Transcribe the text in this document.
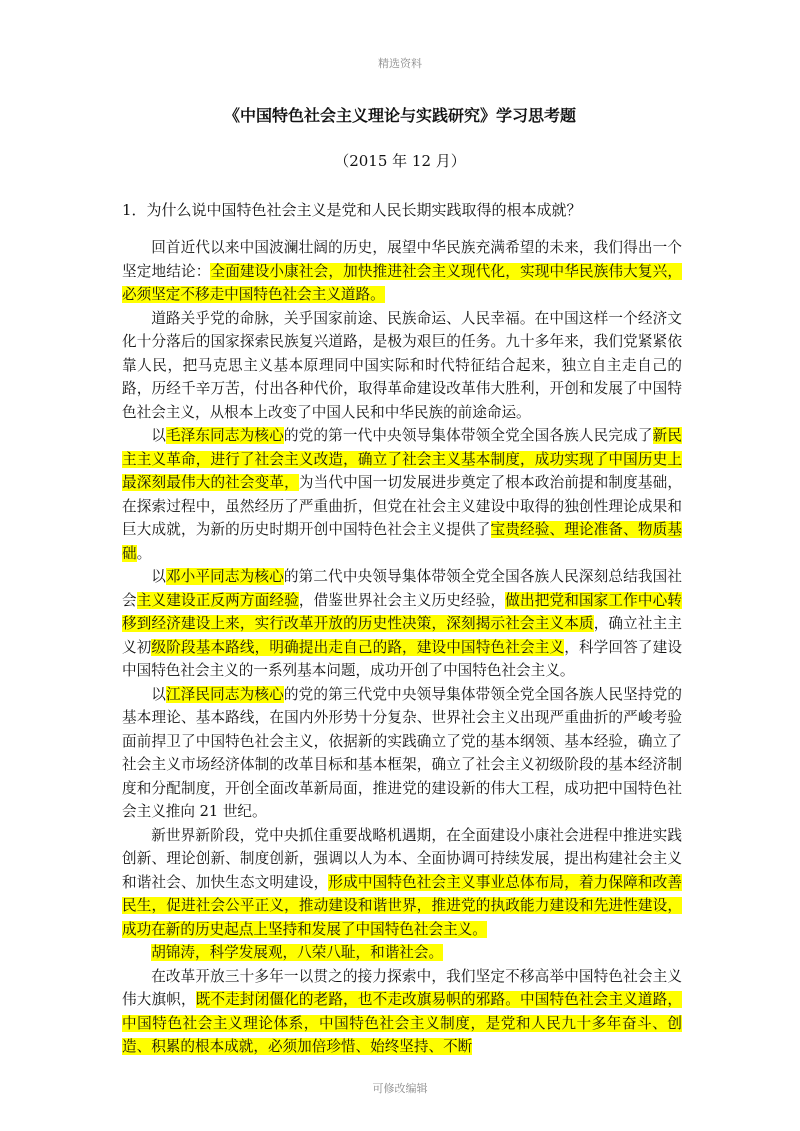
精选资料
《中国特色社会主义理论与实践研究》学习思考题
（2015 年 12 月）
1．为什么说中国特色社会主义是党和人民长期实践取得的根本成就？

回首近代以来中国波澜壮阔的历史，展望中华民族充满希望的未来，我们得出一个坚定地结论：全面建设小康社会，加快推进社会主义现代化，实现中华民族伟大复兴，必须坚定不移走中国特色社会主义道路。

道路关乎党的命脉，关乎国家前途、民族命运、人民幸福。在中国这样一个经济文化十分落后的国家探索民族复兴道路，是极为艰巨的任务。九十多年来，我们党紧紧依靠人民，把马克思主义基本原理同中国实际和时代特征结合起来，独立自主走自己的路，历经千辛万苦，付出各种代价，取得革命建设改革伟大胜利，开创和发展了中国特色社会主义，从根本上改变了中国人民和中华民族的前途命运。

以毛泽东同志为核心的党的第一代中央领导集体带领全党全国各族人民完成了新民主主义革命，进行了社会主义改造，确立了社会主义基本制度，成功实现了中国历史上最深刻最伟大的社会变革，为当代中国一切发展进步奠定了根本政治前提和制度基础，在探索过程中，虽然经历了严重曲折，但党在社会主义建设中取得的独创性理论成果和巨大成就，为新的历史时期开创中国特色社会主义提供了宝贵经验、理论准备、物质基础。

以邓小平同志为核心的第二代中央领导集体带领全党全国各族人民深刻总结我国社会主义建设正反两方面经验，借鉴世界社会主义历史经验，做出把党和国家工作中心转移到经济建设上来，实行改革开放的历史性决策，深刻揭示社会主义本质，确立社主主义初级阶段基本路线，明确提出走自己的路，建设中国特色社会主义，科学回答了建设中国特色社会主义的一系列基本问题，成功开创了中国特色社会主义。

以江泽民同志为核心的党的第三代党中央领导集体带领全党全国各族人民坚持党的基本理论、基本路线，在国内外形势十分复杂、世界社会主义出现严重曲折的严峻考验面前捍卫了中国特色社会主义，依据新的实践确立了党的基本纲领、基本经验，确立了社会主义市场经济体制的改革目标和基本框架，确立了社会主义初级阶段的基本经济制度和分配制度，开创全面改革新局面，推进党的建设新的伟大工程，成功把中国特色社会主义推向 21 世纪。

新世界新阶段，党中央抓住重要战略机遇期，在全面建设小康社会进程中推进实践创新、理论创新、制度创新，强调以人为本、全面协调可持续发展，提出构建社会主义和谐社会、加快生态文明建设，形成中国特色社会主义事业总体布局，着力保障和改善民生，促进社会公平正义，推动建设和谐世界，推进党的执政能力建设和先进性建设，成功在新的历史起点上坚持和发展了中国特色社会主义。

胡锦涛，科学发展观，八荣八耻，和谐社会。

在改革开放三十多年一以贯之的接力探索中，我们坚定不移高举中国特色社会主义伟大旗帜，既不走封闭僵化的老路，也不走改旗易帜的邪路。中国特色社会主义道路，中国特色社会主义理论体系，中国特色社会主义制度，是党和人民九十多年奋斗、创造、积累的根本成就，必须加倍珍惜、始终坚持、不断

可修改编辑
